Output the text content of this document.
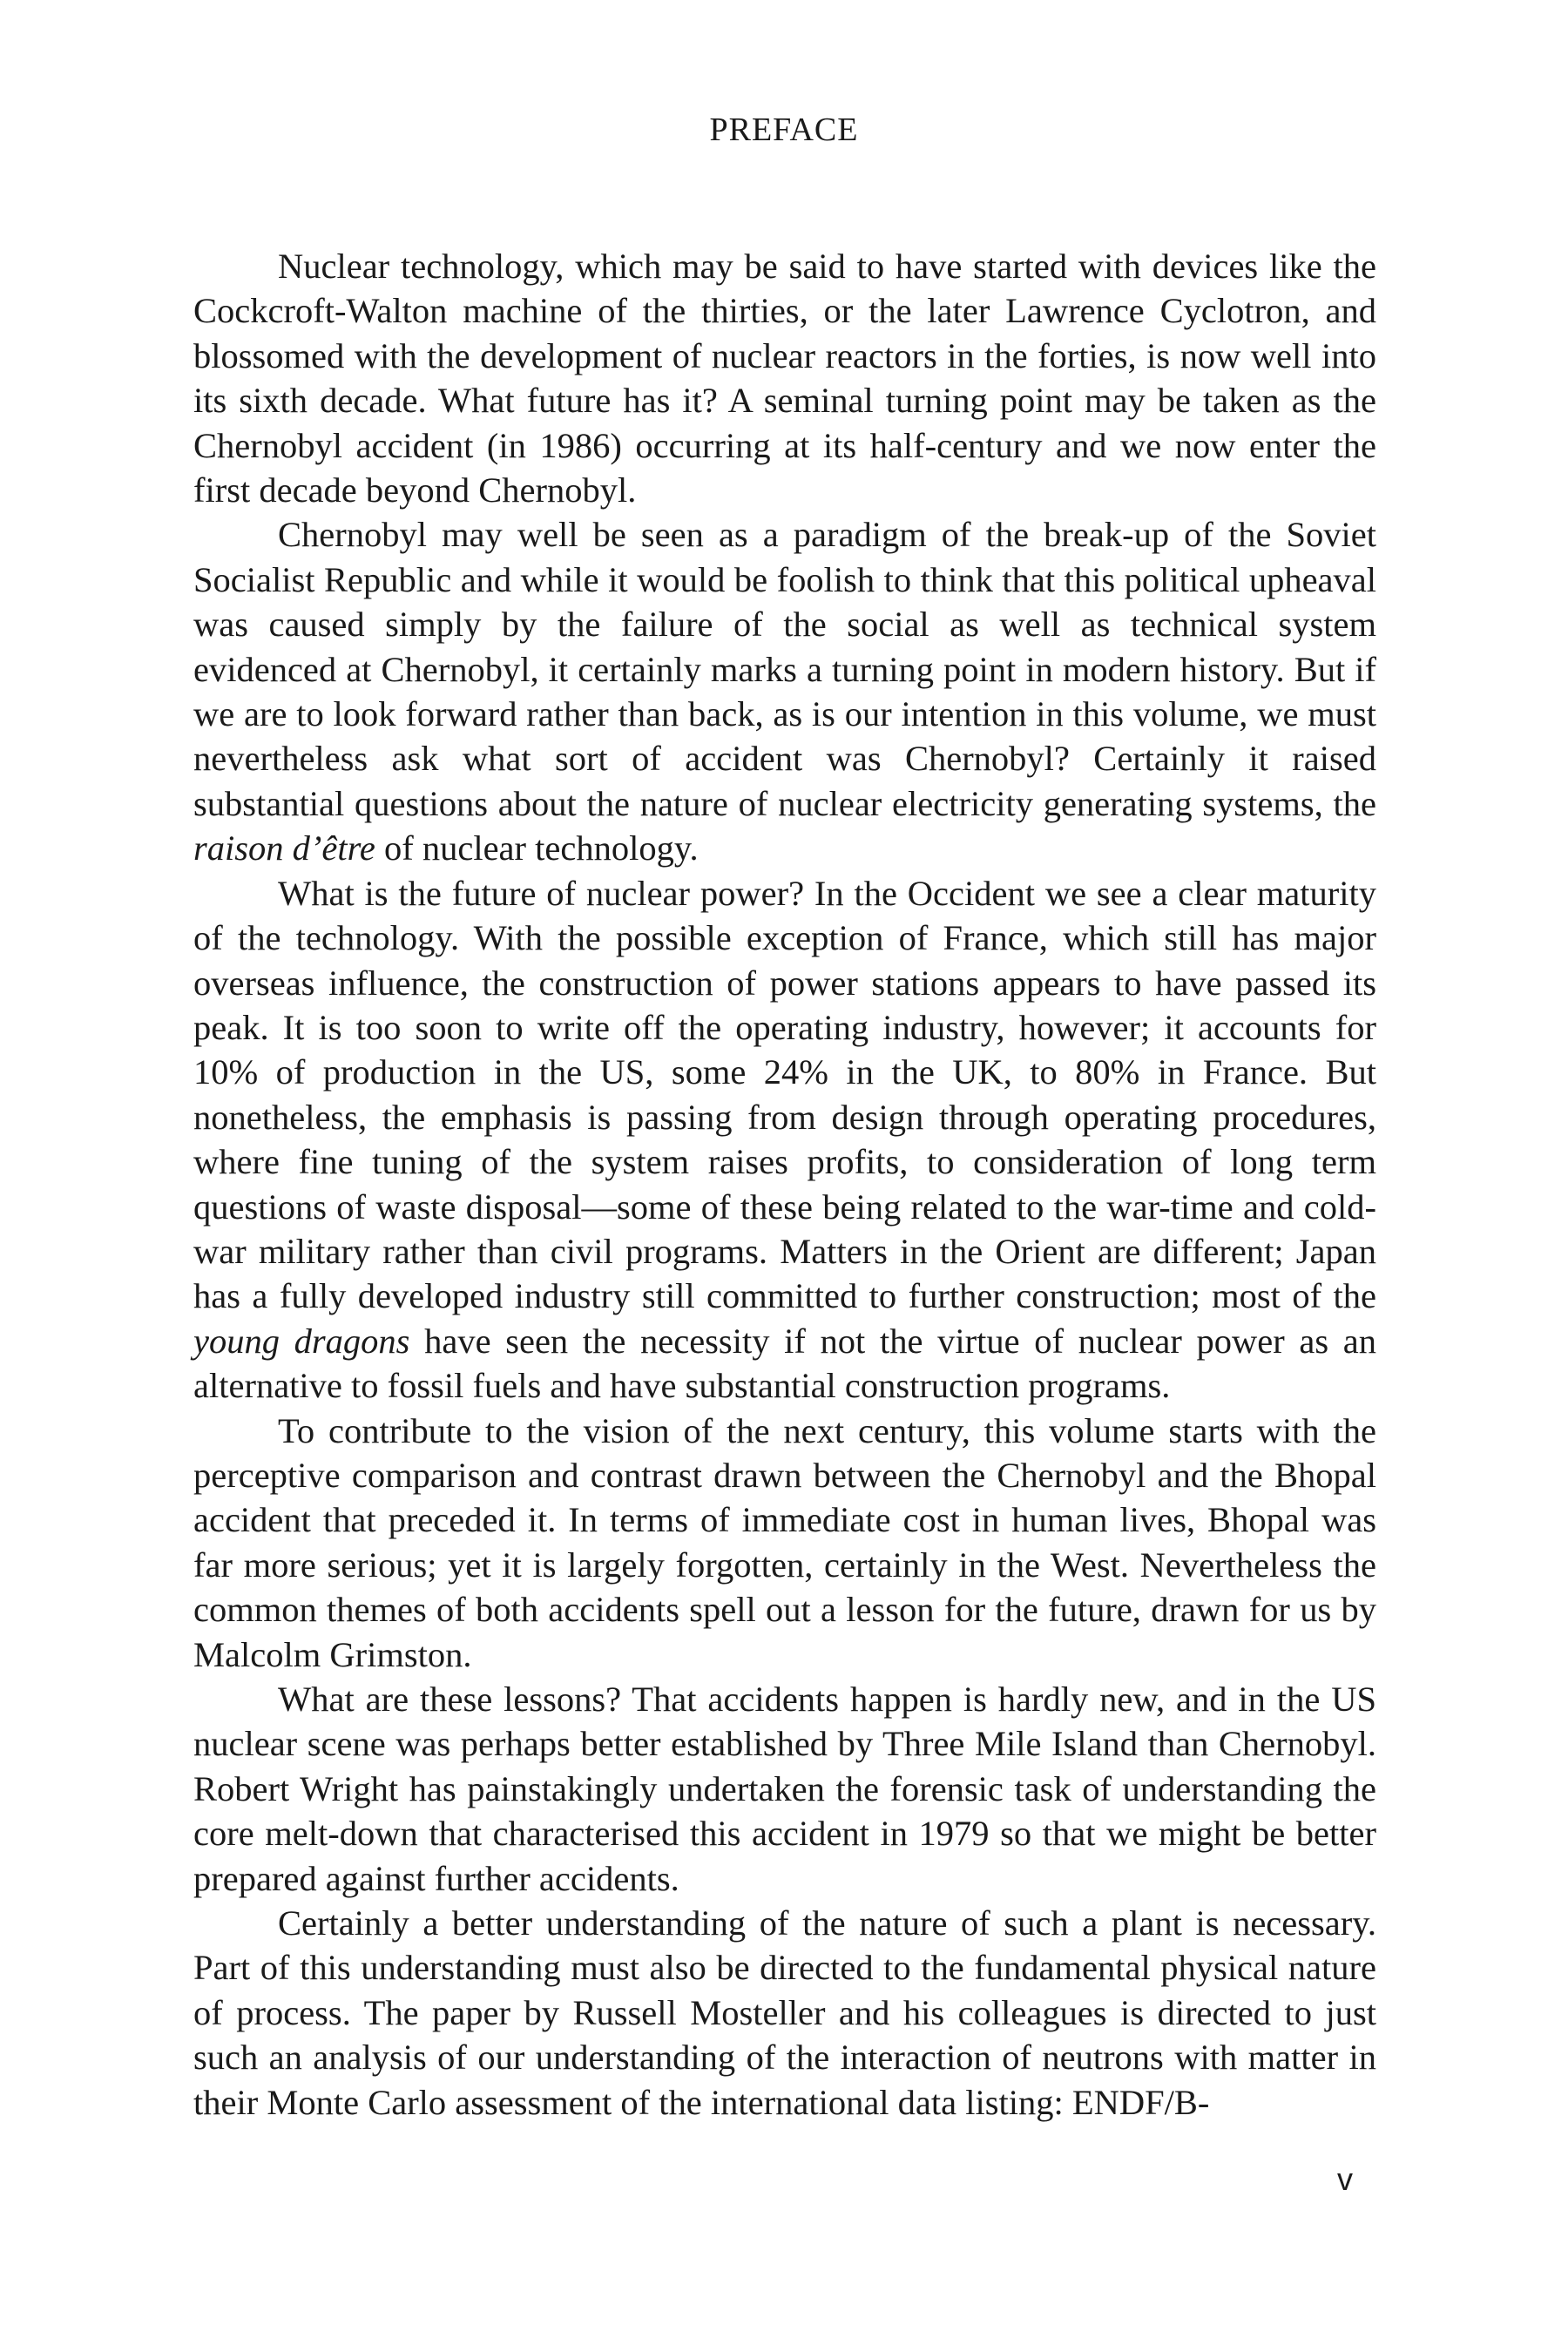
PREFACE

Nuclear technology, which may be said to have started with devices like the Cockcroft-Walton machine of the thirties, or the later Lawrence Cyclotron, and blossomed with the development of nuclear reactors in the forties, is now well into its sixth decade. What future has it? A seminal turning point may be taken as the Chernobyl accident (in 1986) occurring at its half-century and we now enter the first decade beyond Chernobyl.

Chernobyl may well be seen as a paradigm of the break-up of the Soviet Socialist Republic and while it would be foolish to think that this political upheaval was caused simply by the failure of the social as well as technical system evidenced at Chernobyl, it certainly marks a turning point in modern history. But if we are to look forward rather than back, as is our intention in this volume, we must nevertheless ask what sort of accident was Chernobyl? Certainly it raised substantial questions about the nature of nuclear electricity generating systems, the raison d’être of nuclear technology.

What is the future of nuclear power? In the Occident we see a clear maturity of the technology. With the possible exception of France, which still has major overseas influence, the construction of power stations appears to have passed its peak. It is too soon to write off the operating industry, however; it accounts for 10% of production in the US, some 24% in the UK, to 80% in France. But nonetheless, the emphasis is passing from design through operating procedures, where fine tuning of the system raises profits, to consideration of long term questions of waste disposal—some of these being related to the war-time and cold-war military rather than civil programs. Matters in the Orient are different; Japan has a fully developed industry still committed to further construction; most of the young dragons have seen the necessity if not the virtue of nuclear power as an alternative to fossil fuels and have substantial construction programs.

To contribute to the vision of the next century, this volume starts with the perceptive comparison and contrast drawn between the Chernobyl and the Bhopal accident that preceded it. In terms of immediate cost in human lives, Bhopal was far more serious; yet it is largely forgotten, certainly in the West. Nevertheless the common themes of both accidents spell out a lesson for the future, drawn for us by Malcolm Grimston.

What are these lessons? That accidents happen is hardly new, and in the US nuclear scene was perhaps better established by Three Mile Island than Chernobyl. Robert Wright has painstakingly undertaken the forensic task of understanding the core melt-down that characterised this accident in 1979 so that we might be better prepared against further accidents.

Certainly a better understanding of the nature of such a plant is necessary. Part of this understanding must also be directed to the fundamental physical nature of process. The paper by Russell Mosteller and his colleagues is directed to just such an analysis of our understanding of the interaction of neutrons with matter in their Monte Carlo assessment of the international data listing: ENDF/B-

v
